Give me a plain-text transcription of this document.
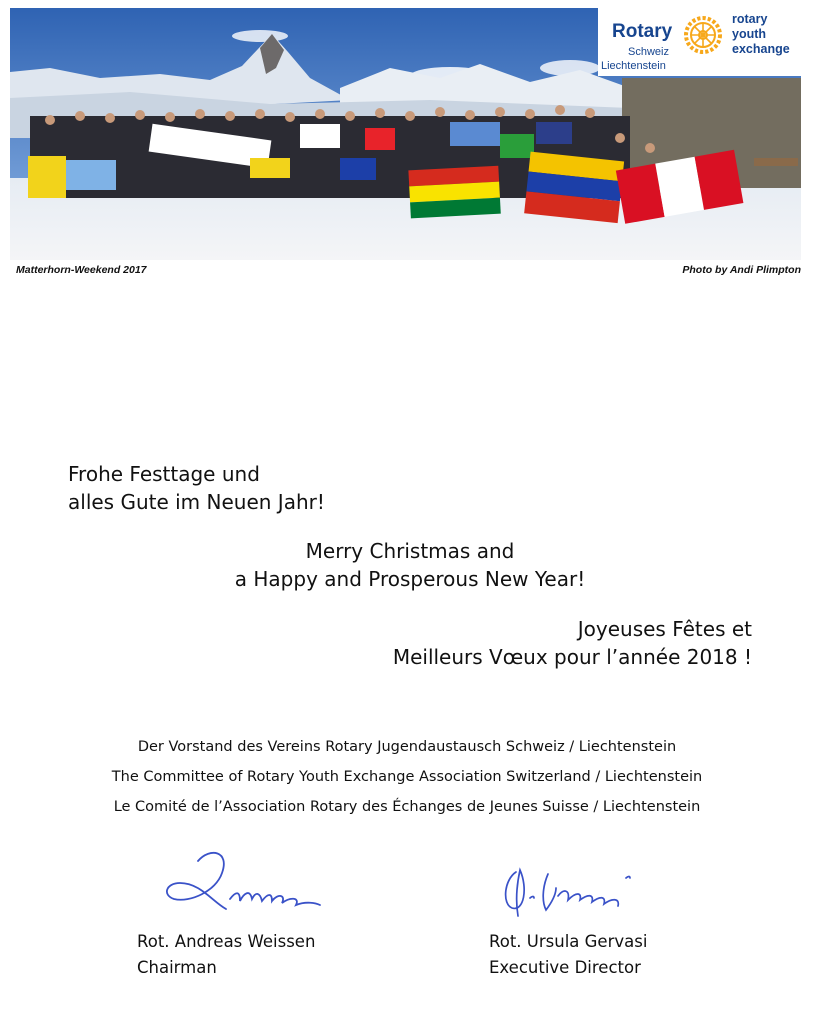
Rotary
Schweiz
Liechtenstein
rotary
youth
exchange
Matterhorn-Weekend 2017	Photo by Andi Plimpton
Frohe Festtage und
alles Gute im Neuen Jahr!
Merry Christmas and
a Happy and Prosperous New Year!
Joyeuses Fêtes et
Meilleurs Vœux pour l’année 2018 !
Der Vorstand des Vereins Rotary Jugendaustausch Schweiz / Liechtenstein
The Committee of Rotary Youth Exchange Association Switzerland / Liechtenstein
Le Comité de l’Association Rotary des Échanges de Jeunes Suisse / Liechtenstein
Rot. Andreas Weissen
Chairman
Rot. Ursula Gervasi
Executive Director
